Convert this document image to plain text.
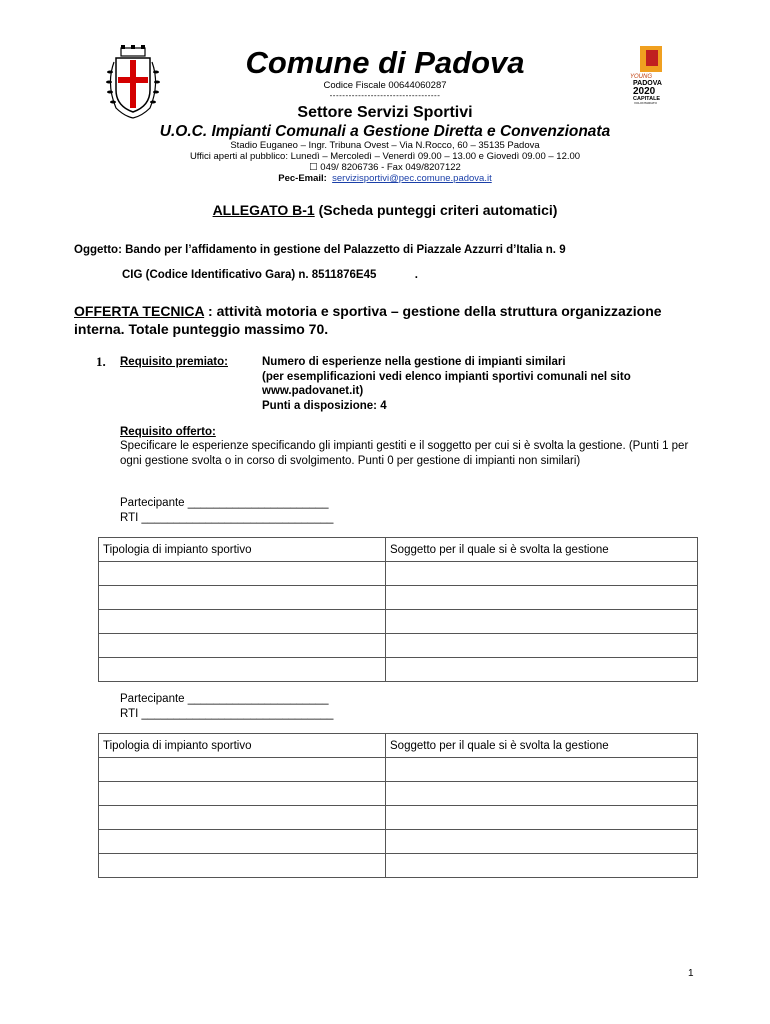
YOUNG
PADOVA
2020
CAPITALE
VOLONTARIATO
Comune di Padova
Codice Fiscale 00644060287
-----------------------------------
Settore Servizi Sportivi
U.O.C. Impianti Comunali a Gestione Diretta e Convenzionata
Stadio Euganeo – Ingr. Tribuna Ovest – Via N.Rocco, 60 – 35135 Padova
Uffici aperti al pubblico: Lunedì – Mercoledì – Venerdì 09.00 – 13.00 e Giovedì 09.00 – 12.00
☐ 049/ 8206736 - Fax 049/8207122
Pec-Email: servizisportivi@pec.comune.padova.it
ALLEGATO B-1 (Scheda punteggi criteri automatici)
Oggetto: Bando per l’affidamento in gestione del Palazzetto di Piazzale Azzurri d’Italia n. 9
CIG (Codice Identificativo Gara) n. 8511876E45            .
OFFERTA TECNICA : attività motoria e sportiva – gestione della struttura organizzazione interna. Totale punteggio massimo 70.
1. Requisito premiato:	Numero di esperienze nella gestione di impianti similari
(per esemplificazioni vedi elenco impianti sportivi comunali nel sito
www.padovanet.it)
Punti a disposizione: 4
Requisito offerto:
Specificare le esperienze specificando gli impianti gestiti e il soggetto per cui si è svolta la gestione. (Punti 1 per ogni gestione svolta o in corso di svolgimento. Punti 0 per gestione di impianti non similari)
Partecipante ______________________
RTI ______________________________
Tipologia di impianto sportivo	Soggetto per il quale si è svolta la gestione

Partecipante ______________________
RTI ______________________________
Tipologia di impianto sportivo	Soggetto per il quale si è svolta la gestione

1
